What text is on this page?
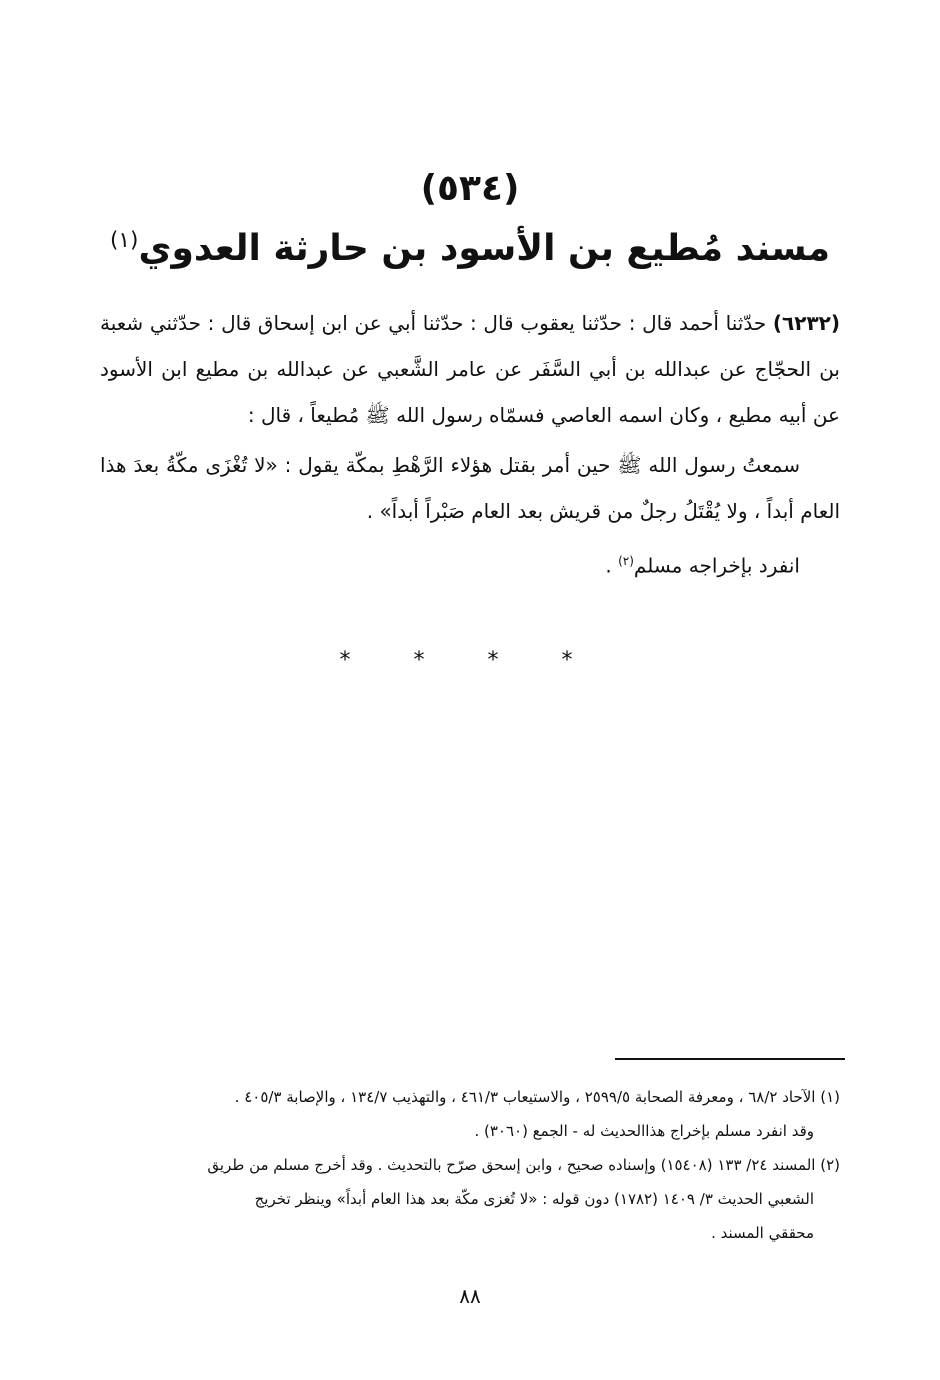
(٥٣٤)
مسند مُطيع بن الأسود بن حارثة العدوي$^{(١)}$

(٦٢٣٢) حدّثنا أحمد قال : حدّثنا يعقوب قال : حدّثنا أبي عن ابن إسحاق قال : حدّثني شعبة بن الحجّاج عن عبدالله بن أبي السَّفَر عن عامر الشَّعبي عن عبدالله بن مطيع ابن الأسود عن أبيه مطيع ، وكان اسمه العاصي فسمّاه رسول الله ﷺ مُطيعاً ، قال :

سمعتُ رسول الله ﷺ حين أمر بقتل هؤلاء الرَّهْطِ بمكّة يقول : «لا تُغْزَى مكّةُ بعدَ هذا العام أبداً ، ولا يُقْتَلُ رجلٌ من قريش بعد العام صَبْراً أبداً» .

انفرد بإخراجه مسلم$^{(٢)}$ .

* * * *

(١) الآحاد ٦٨/٢ ، ومعرفة الصحابة ٢٥٩٩/٥ ، والاستيعاب ٤٦١/٣ ، والتهذيب ١٣٤/٧ ، والإصابة ٤٠٥/٣ .

وقد انفرد مسلم بإخراج هذاالحديث له - الجمع (٣٠٦٠) .

(٢) المسند ٢٤/ ١٣٣ (١٥٤٠٨) وإسناده صحيح ، وابن إسحق صرّح بالتحديث . وقد أخرج مسلم من طريق

الشعبي الحديث ٣/ ١٤٠٩ (١٧٨٢) دون قوله : «لا تُغزى مكّة بعد هذا العام أبداً» وينظر تخريج

محققي المسند .

٨٨
